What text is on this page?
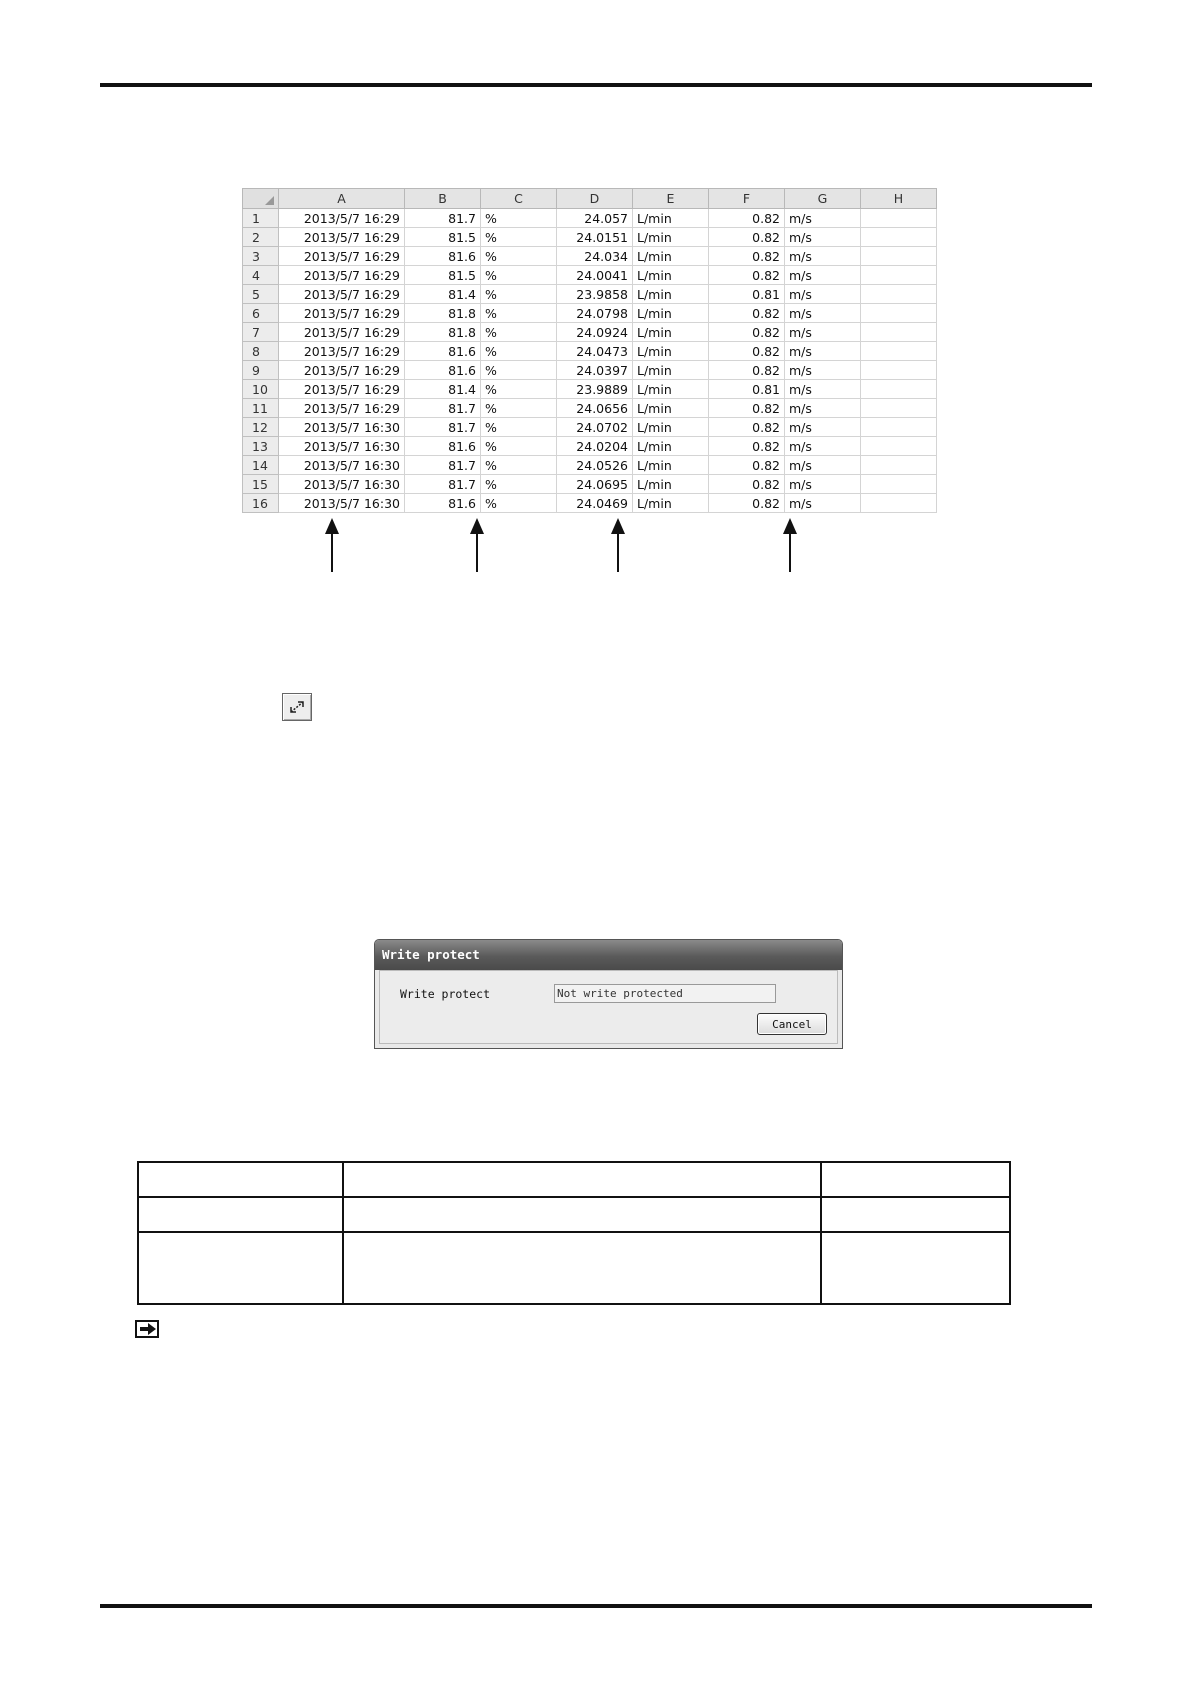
	A	B	C	D	E	F	G	H
1	2013/5/7 16:29	81.7	%	24.057	L/min	0.82	m/s	
2	2013/5/7 16:29	81.5	%	24.0151	L/min	0.82	m/s	
3	2013/5/7 16:29	81.6	%	24.034	L/min	0.82	m/s	
4	2013/5/7 16:29	81.5	%	24.0041	L/min	0.82	m/s	
5	2013/5/7 16:29	81.4	%	23.9858	L/min	0.81	m/s	
6	2013/5/7 16:29	81.8	%	24.0798	L/min	0.82	m/s	
7	2013/5/7 16:29	81.8	%	24.0924	L/min	0.82	m/s	
8	2013/5/7 16:29	81.6	%	24.0473	L/min	0.82	m/s	
9	2013/5/7 16:29	81.6	%	24.0397	L/min	0.82	m/s	
10	2013/5/7 16:29	81.4	%	23.9889	L/min	0.81	m/s	
11	2013/5/7 16:29	81.7	%	24.0656	L/min	0.82	m/s	
12	2013/5/7 16:30	81.7	%	24.0702	L/min	0.82	m/s	
13	2013/5/7 16:30	81.6	%	24.0204	L/min	0.82	m/s	
14	2013/5/7 16:30	81.7	%	24.0526	L/min	0.82	m/s	
15	2013/5/7 16:30	81.7	%	24.0695	L/min	0.82	m/s	
16	2013/5/7 16:30	81.6	%	24.0469	L/min	0.82	m/s	
Write protect
Write protect	Not write protected
Cancel
